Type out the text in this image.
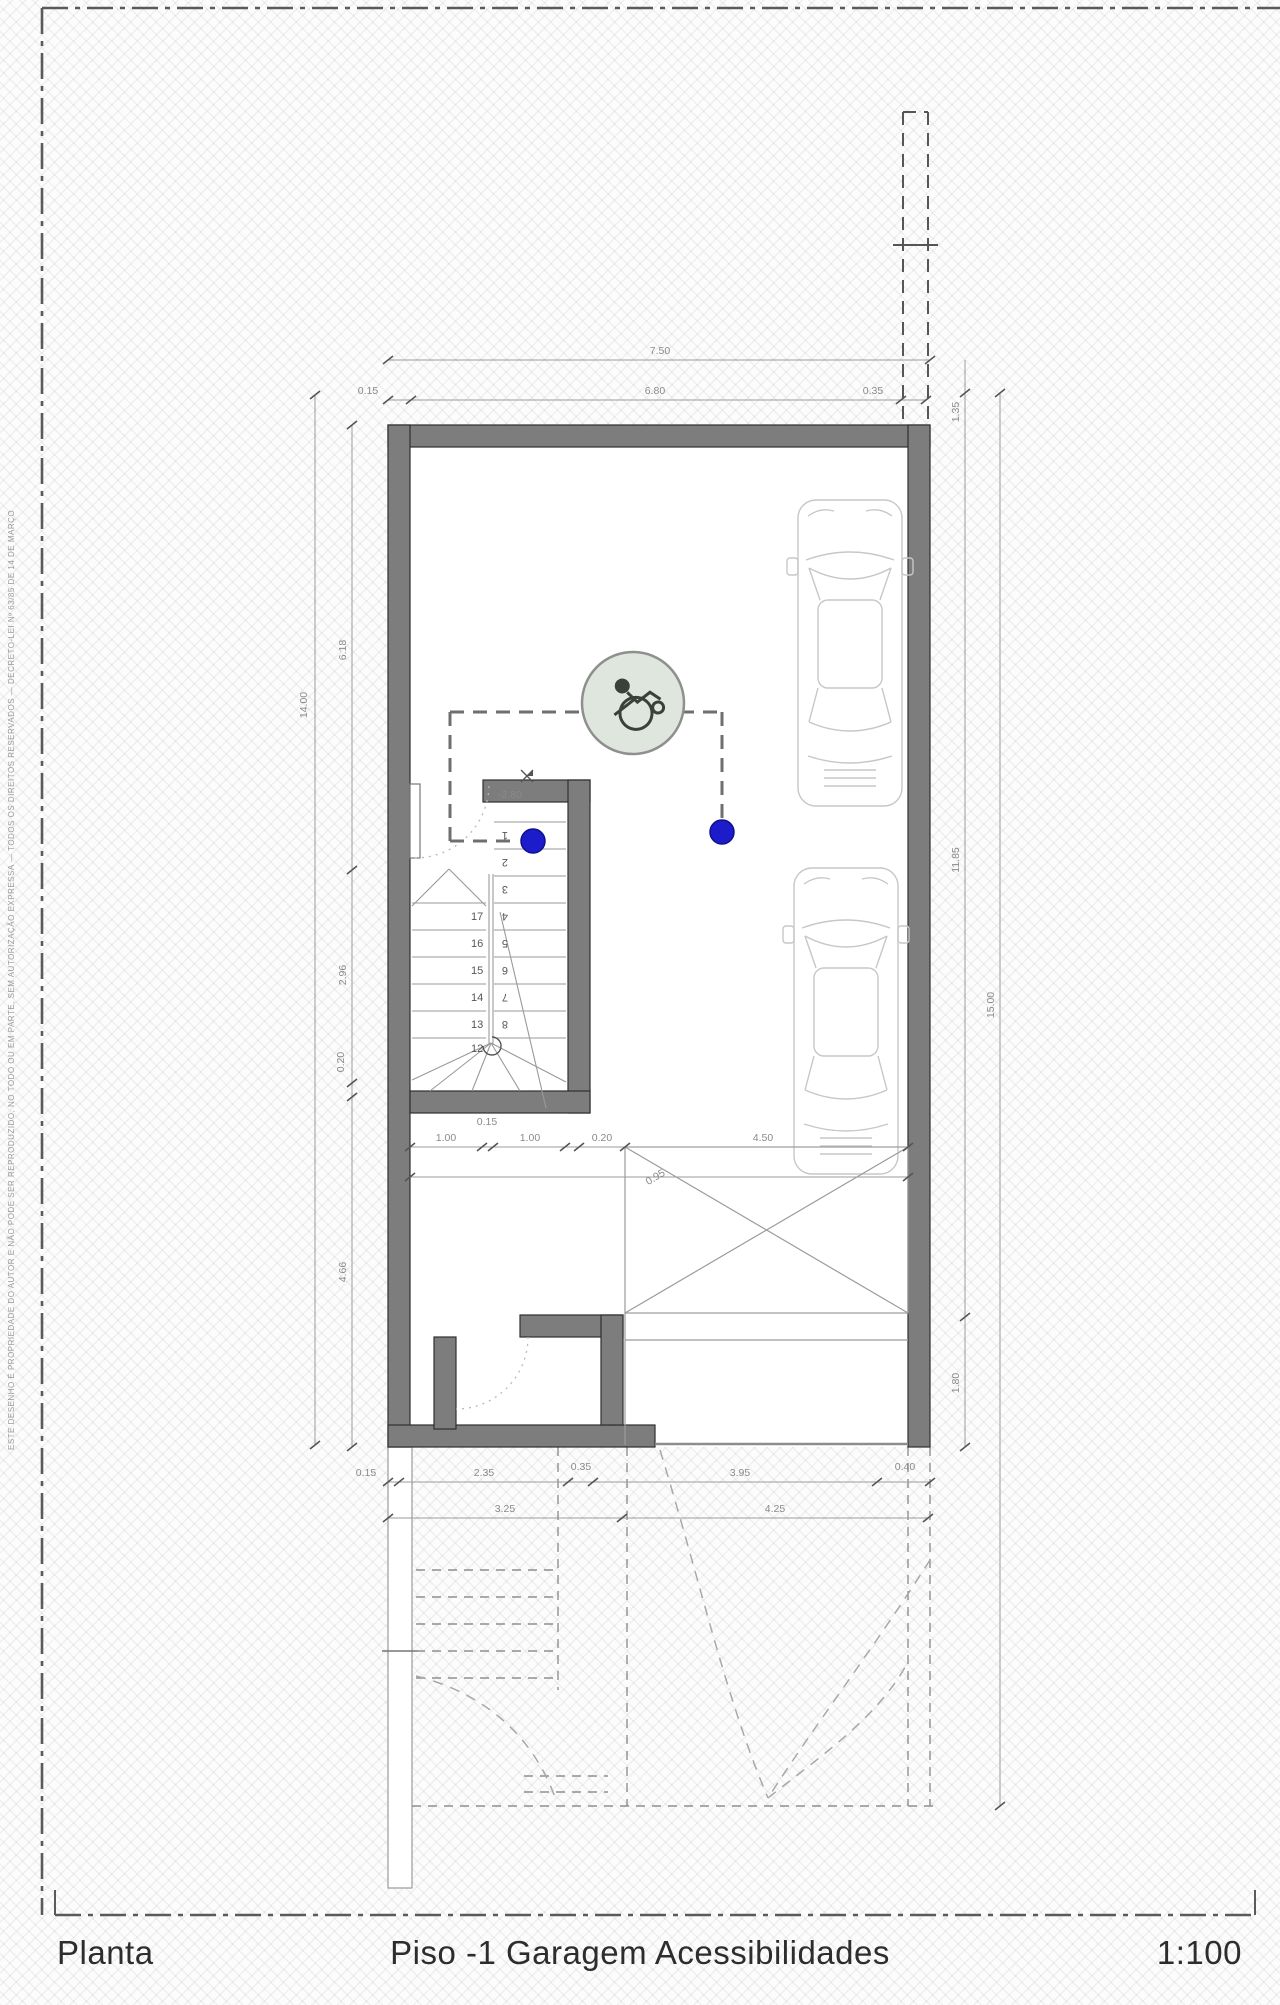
ESTE DESENHO É PROPRIEDADE DO AUTOR E NÃO PODE SER REPRODUZIDO, NO TODO OU EM PARTE, SEM AUTORIZAÇÃO EXPRESSA — TODOS OS DIREITOS RESERVADOS — DECRETO-LEI Nº 63/85 DE 14 DE MARÇO	17
16
15
14
13
12
1
2
3
4
5
6
7
8
-2.80
7.50
0.15	6.80	0.35
14.00
6.18
2.96
0.20
4.66
1.35
11.85
1.80
15.00
1.00
0.15
1.00	0.20	4.50
0.95
0.15	2.35	0.35	3.95	0.40
3.25	4.25
Planta	Piso -1 Garagem Acessibilidades	1:100
